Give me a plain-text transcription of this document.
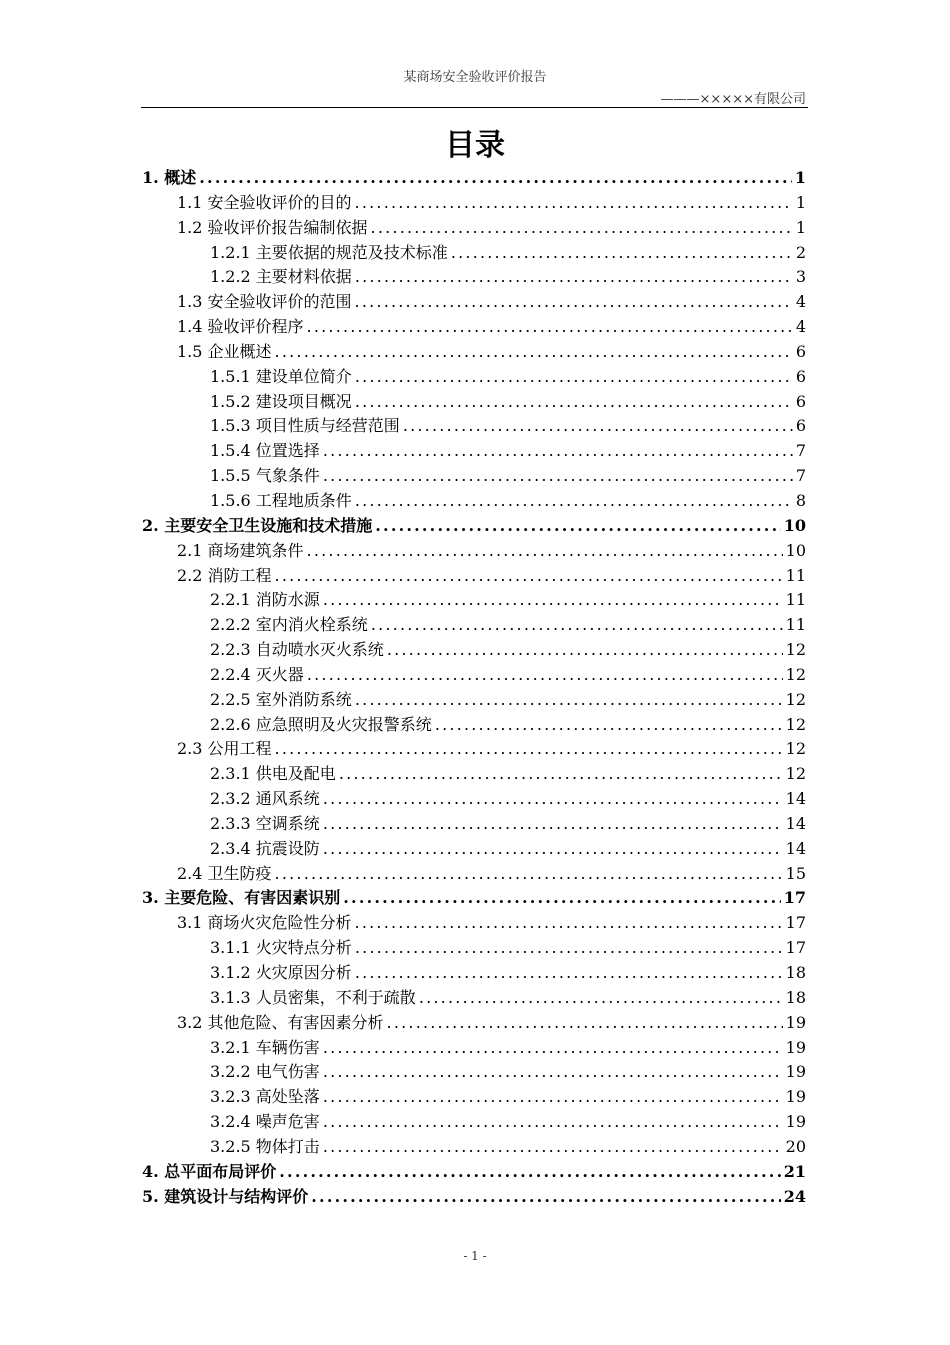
某商场安全验收评价报告
———×××××有限公司
目录
1. 概述 .....	1
1.1 安全验收评价的目的 .....	1
1.2 验收评价报告编制依据 .....	1
1.2.1 主要依据的规范及技术标准 .....	2
1.2.2 主要材料依据 .....	3
1.3 安全验收评价的范围 .....	4
1.4 验收评价程序 .....	4
1.5 企业概述 .....	6
1.5.1 建设单位简介 .....	6
1.5.2 建设项目概况 .....	6
1.5.3 项目性质与经营范围 .....	6
1.5.4 位置选择 .....	7
1.5.5 气象条件 .....	7
1.5.6 工程地质条件 .....	8
2. 主要安全卫生设施和技术措施 .....	10
2.1 商场建筑条件 .....	10
2.2 消防工程 .....	11
2.2.1 消防水源 .....	11
2.2.2 室内消火栓系统 .....	11
2.2.3 自动喷水灭火系统 .....	12
2.2.4 灭火器 .....	12
2.2.5 室外消防系统 .....	12
2.2.6 应急照明及火灾报警系统 .....	12
2.3 公用工程 .....	12
2.3.1 供电及配电 .....	12
2.3.2 通风系统 .....	14
2.3.3 空调系统 .....	14
2.3.4 抗震设防 .....	14
2.4 卫生防疫 .....	15
3. 主要危险、有害因素识别 .....	17
3.1 商场火灾危险性分析 .....	17
3.1.1 火灾特点分析 .....	17
3.1.2 火灾原因分析 .....	18
3.1.3 人员密集，不利于疏散 .....	18
3.2 其他危险、有害因素分析 .....	19
3.2.1 车辆伤害 .....	19
3.2.2 电气伤害 .....	19
3.2.3 高处坠落 .....	19
3.2.4 噪声危害 .....	19
3.2.5 物体打击 .....	20
4. 总平面布局评价 .....	21
5. 建筑设计与结构评价 .....	24
- 1 -
